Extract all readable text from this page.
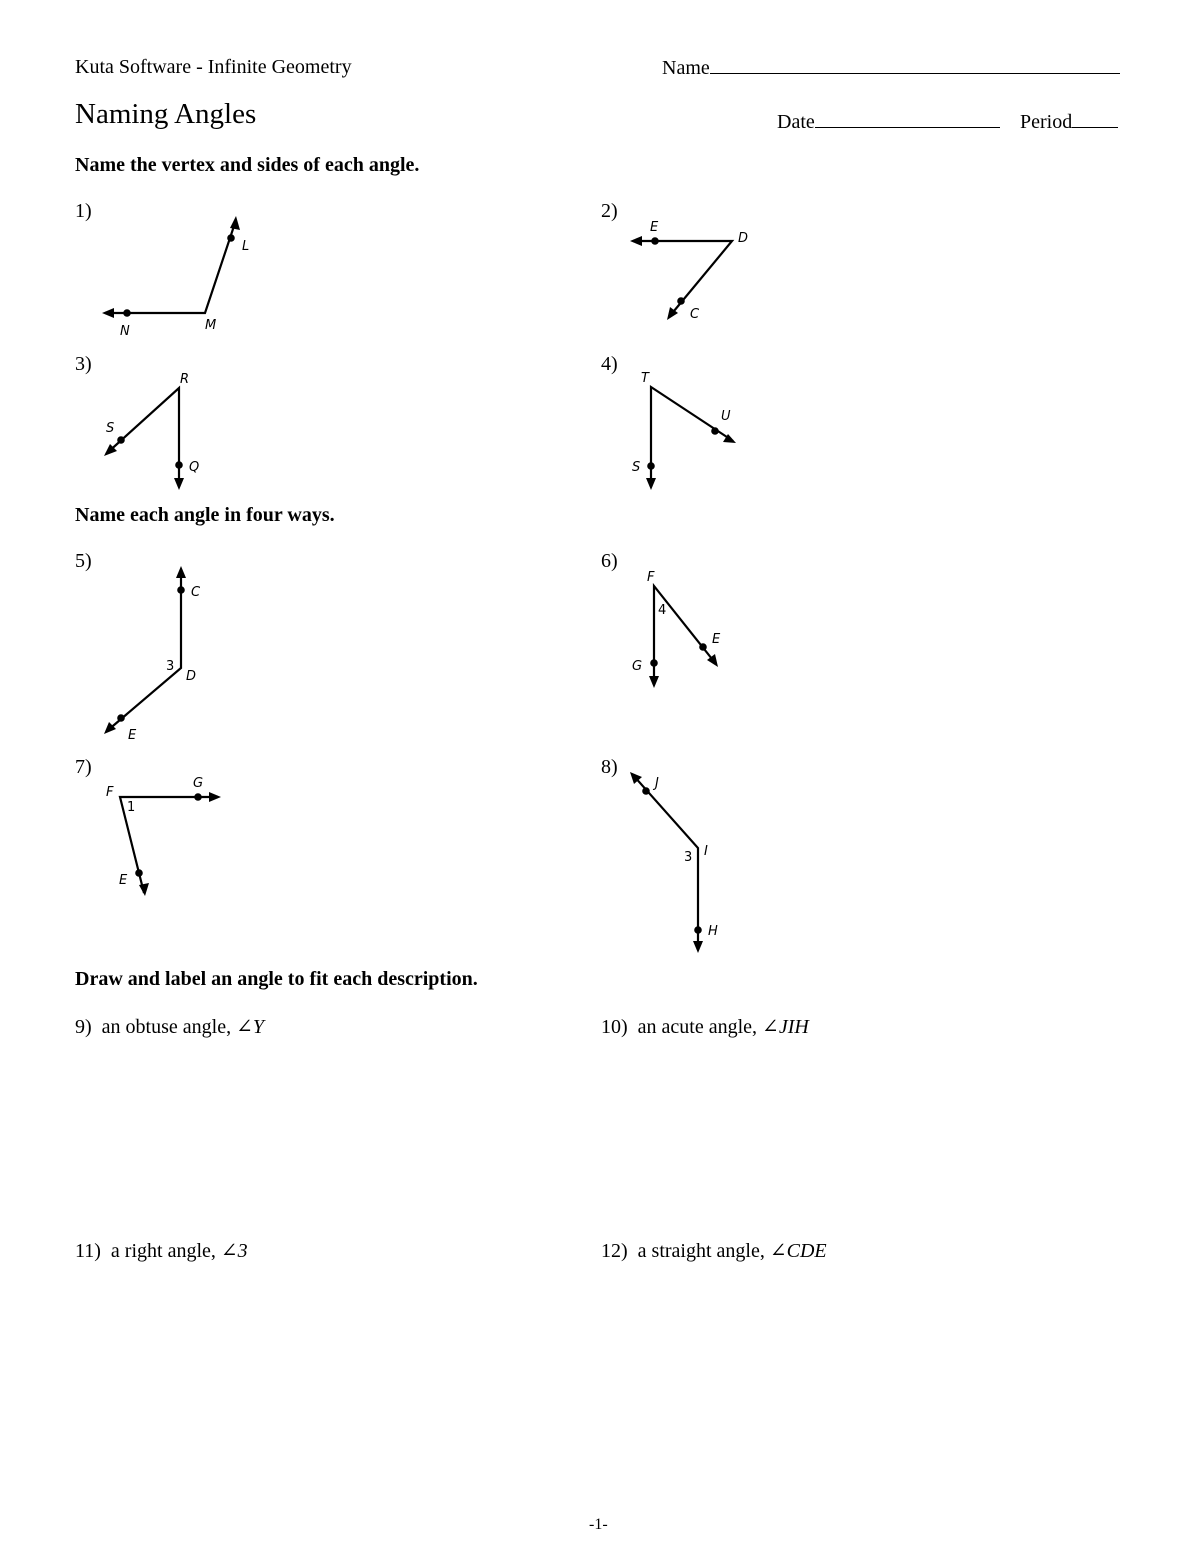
Kuta Software - Infinite Geometry	Name
Naming Angles	Date	Period
Name the vertex and sides of each angle.
1)
L
N	M
2)
E
D
C
3)
R
S
Q
4)
T
U
S
Name each angle in four ways.
5)
C
D
E
3
6)
F
E
G
4
7)
F
G
E
1
8)
J
I
H
3
Draw and label an angle to fit each description.
9) an obtuse angle, ∠Y	10) an acute angle, ∠JIH
11) a right angle, ∠3	12) a straight angle, ∠CDE
-1-
